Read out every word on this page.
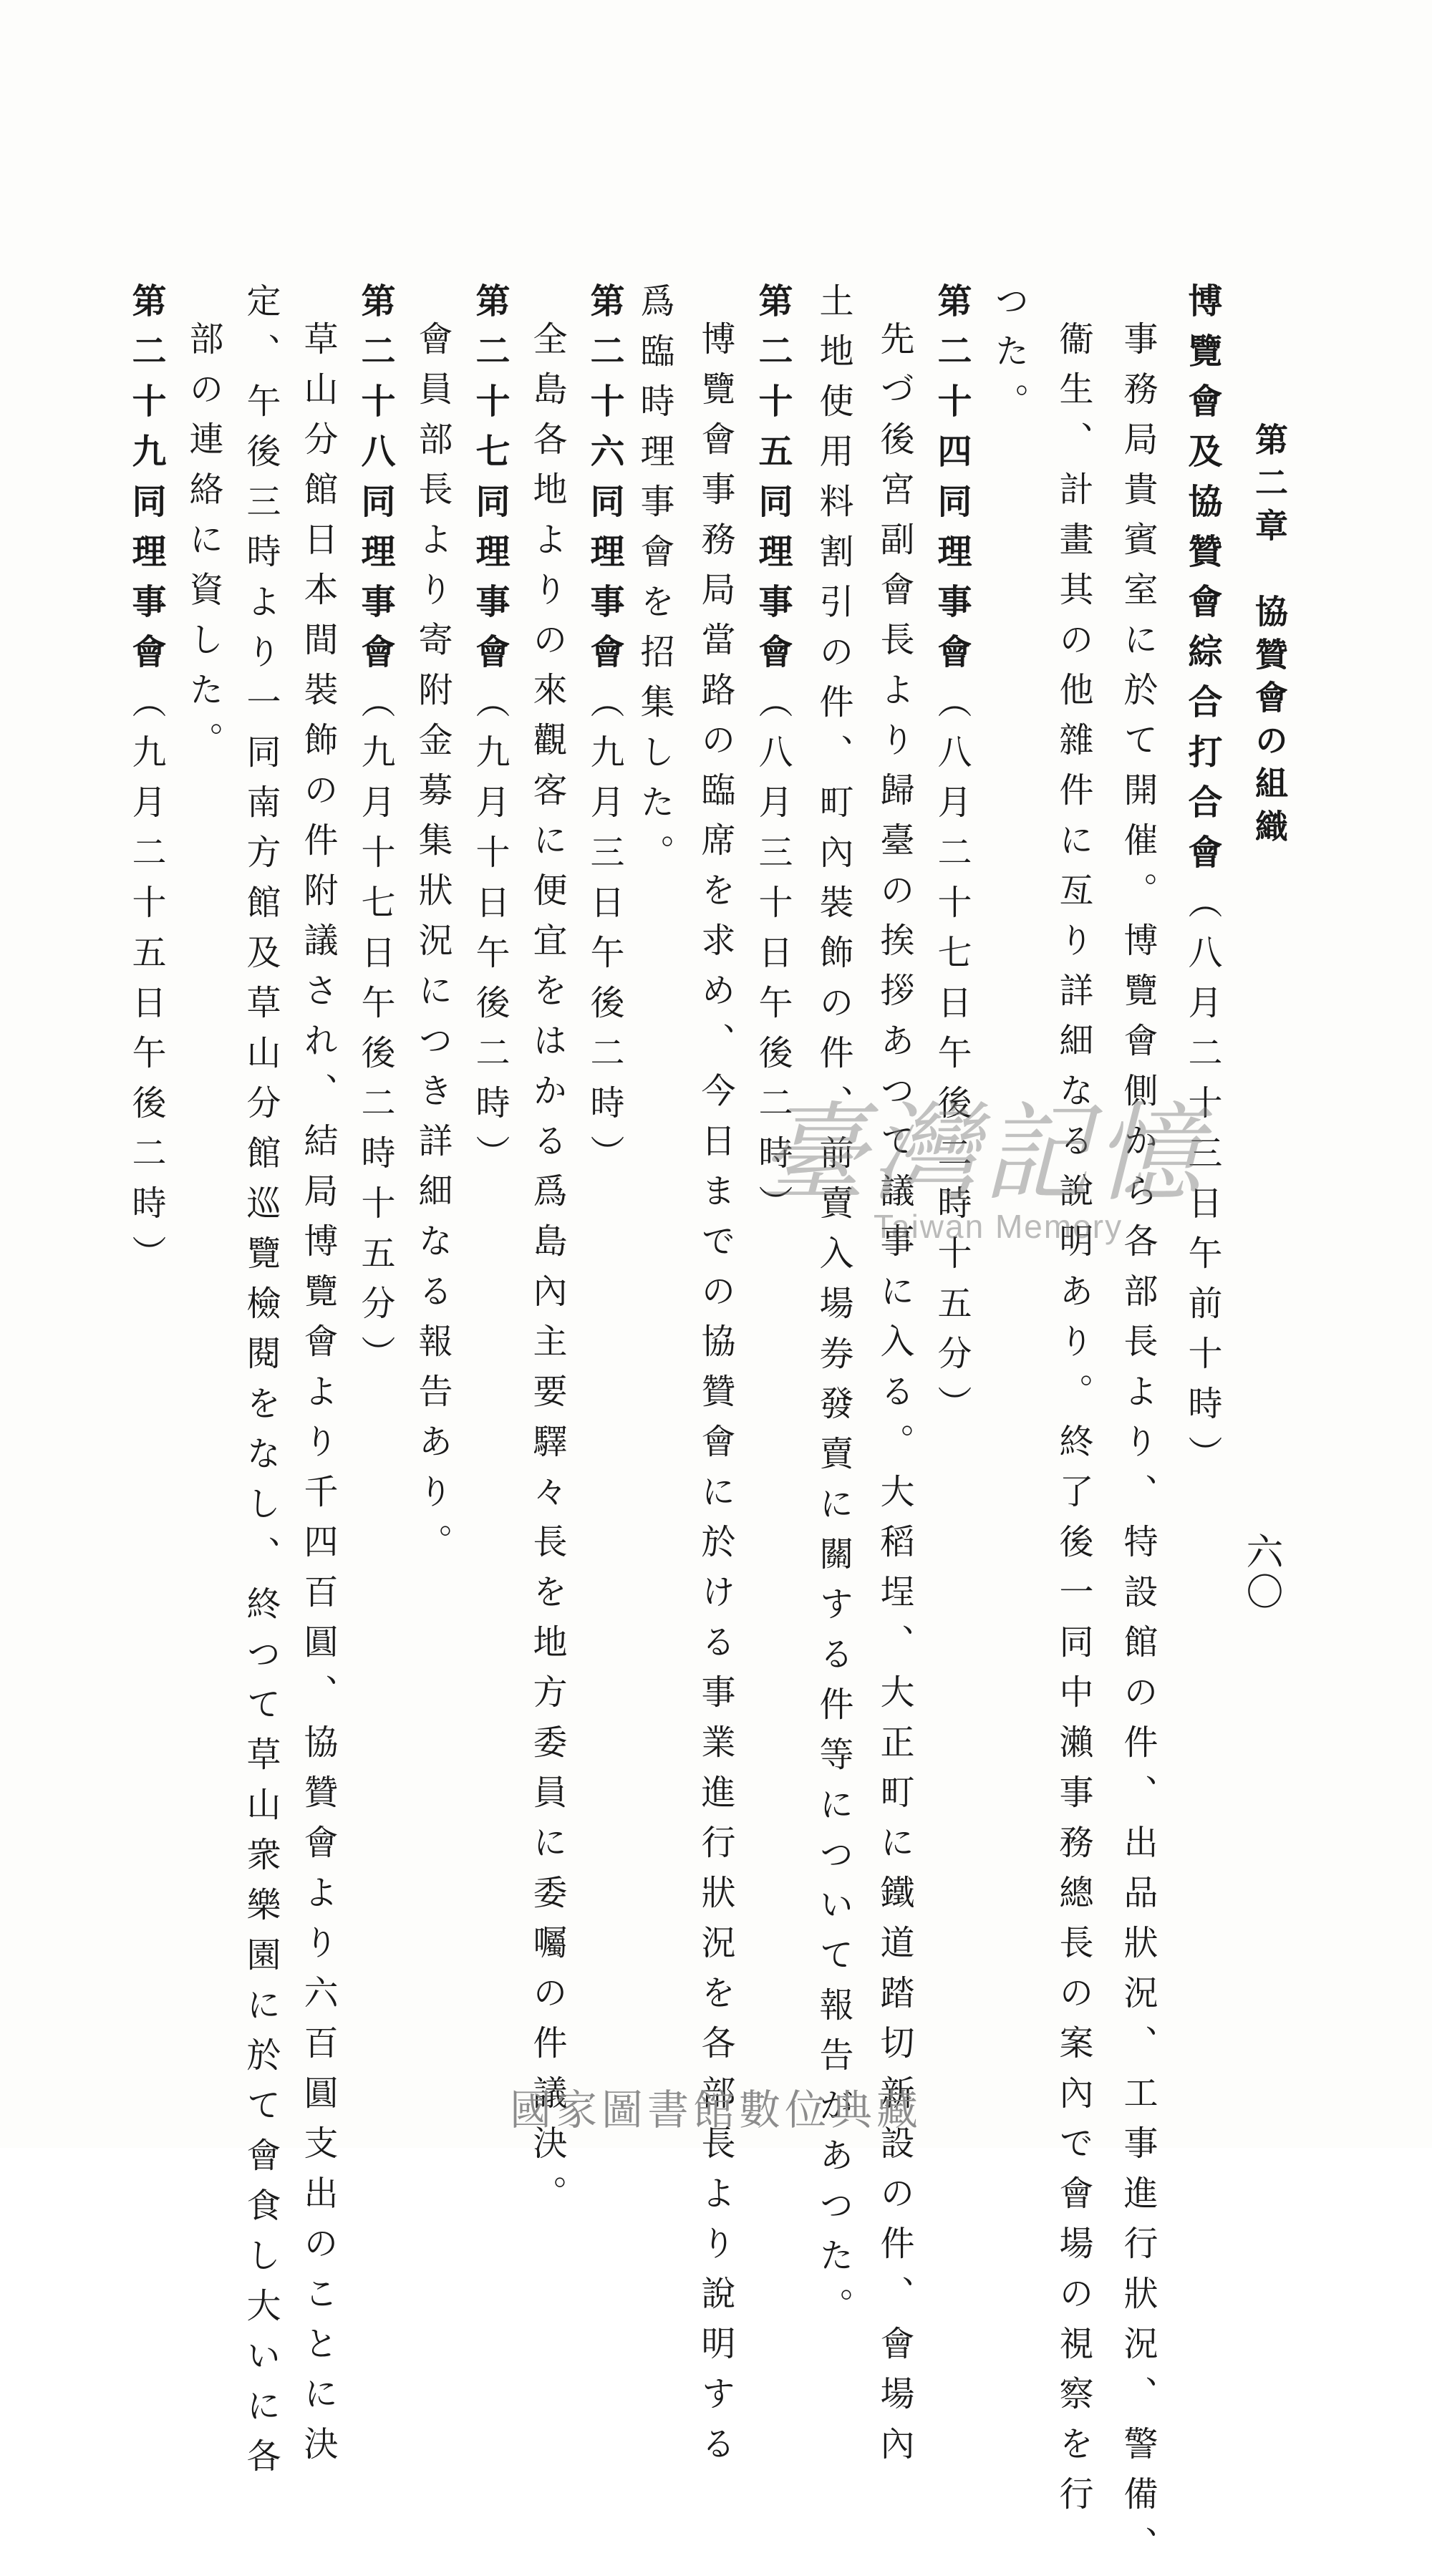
六〇
第二章　協贊會の組織
博覽會及協贊會綜合打合會（八月二十三日午前十時）
事務局貴賓室に於て開催。博覽會側から各部長より、特設館の件、出品狀況、工事進行狀況、警備、
衞生、計畫其の他雜件に亙り詳細なる說明あり。終了後一同中瀨事務總長の案內で會場の視察を行
つた。
第二十四同理事會（八月二十七日午後二時十五分）
先づ後宮副會長より歸臺の挨拶あつて議事に入る。大稻埕、大正町に鐵道踏切新設の件、會場內
土地使用料割引の件、町內裝飾の件、前賣入場券發賣に關する件等について報告があつた。
第二十五同理事會（八月三十日午後二時）
博覽會事務局當路の臨席を求め、今日までの協贊會に於ける事業進行狀況を各部長より說明する
爲臨時理事會を招集した。
第二十六同理事會（九月三日午後二時）
全島各地よりの來觀客に便宜をはかる爲島內主要驛々長を地方委員に委囑の件議決。
第二十七同理事會（九月十日午後二時）
會員部長より寄附金募集狀況につき詳細なる報告あり。
第二十八同理事會（九月十七日午後二時十五分）
草山分館日本間裝飾の件附議され、結局博覽會より千四百圓、協贊會より六百圓支出のことに決
定、午後三時より一同南方館及草山分館巡覽檢閱をなし、終つて草山衆樂園に於て會食し大いに各
部の連絡に資した。
第二十九同理事會（九月二十五日午後二時）	臺灣記憶
Taiwan Memory
國家圖書館數位典藏
